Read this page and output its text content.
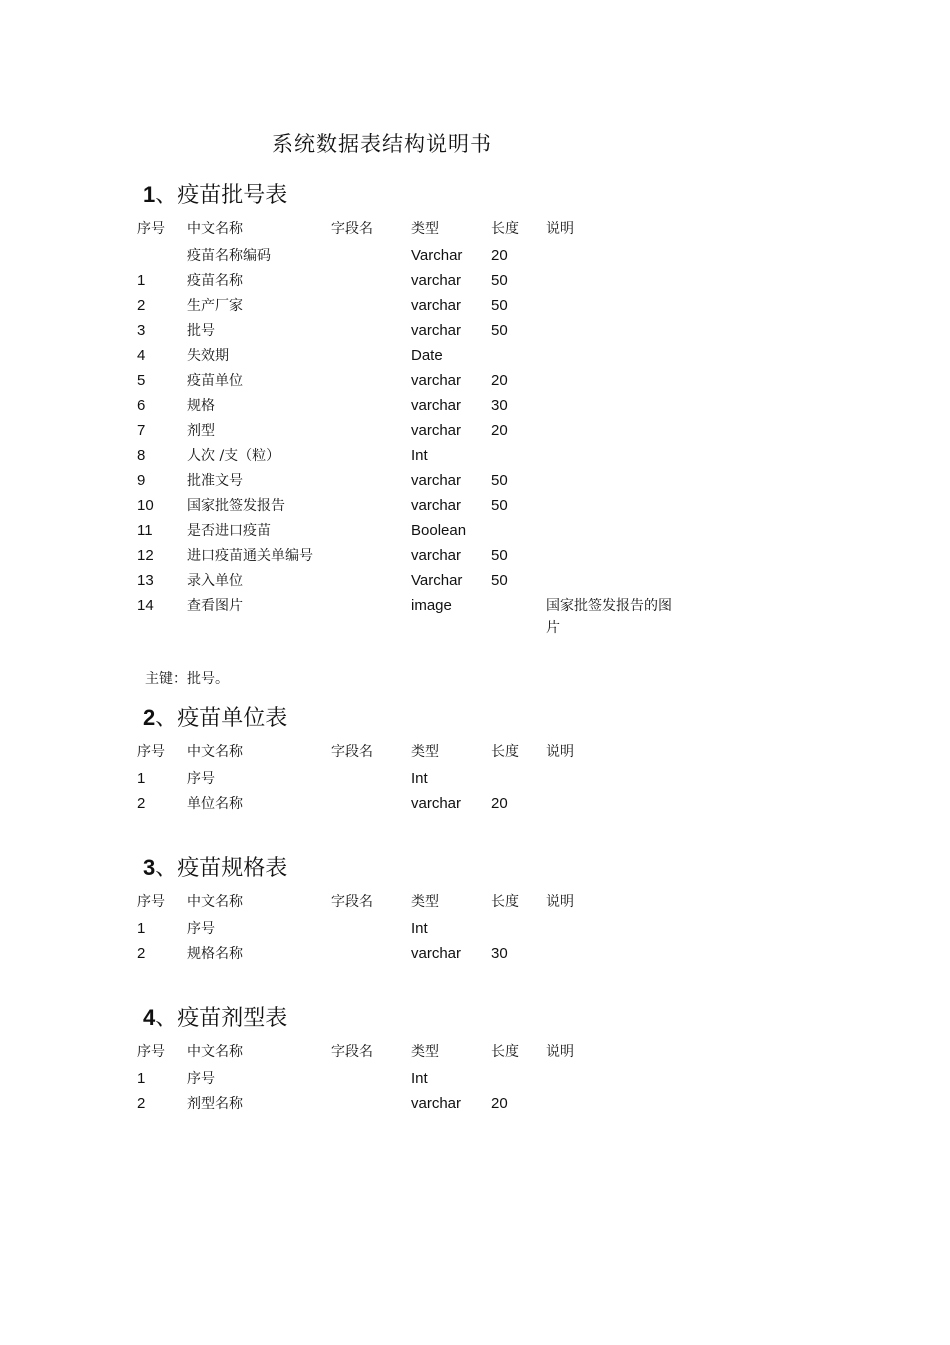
系统数据表结构说明书
1、疫苗批号表
序号	中文名称	字段名	类型	长度	说明
	疫苗名称编码		Varchar	20	
1	疫苗名称		varchar	50	
2	生产厂家		varchar	50	
3	批号		varchar	50	
4	失效期		Date		
5	疫苗单位		varchar	20	
6	规格		varchar	30	
7	剂型		varchar	20	
8	人次 /支（粒）		Int		
9	批准文号		varchar	50	
10	国家批签发报告		varchar	50	
11	是否进口疫苗		Boolean		
12	进口疫苗通关单编号		varchar	50	
13	录入单位		Varchar	50	
14	查看图片		image		国家批签发报告的图片

主键：批号。

2、疫苗单位表
序号	中文名称	字段名	类型	长度	说明
1	序号		Int		
2	单位名称		varchar	20	
3、疫苗规格表
序号	中文名称	字段名	类型	长度	说明
1	序号		Int		
2	规格名称		varchar	30	
4、疫苗剂型表
序号	中文名称	字段名	类型	长度	说明
1	序号		Int		
2	剂型名称		varchar	20	
